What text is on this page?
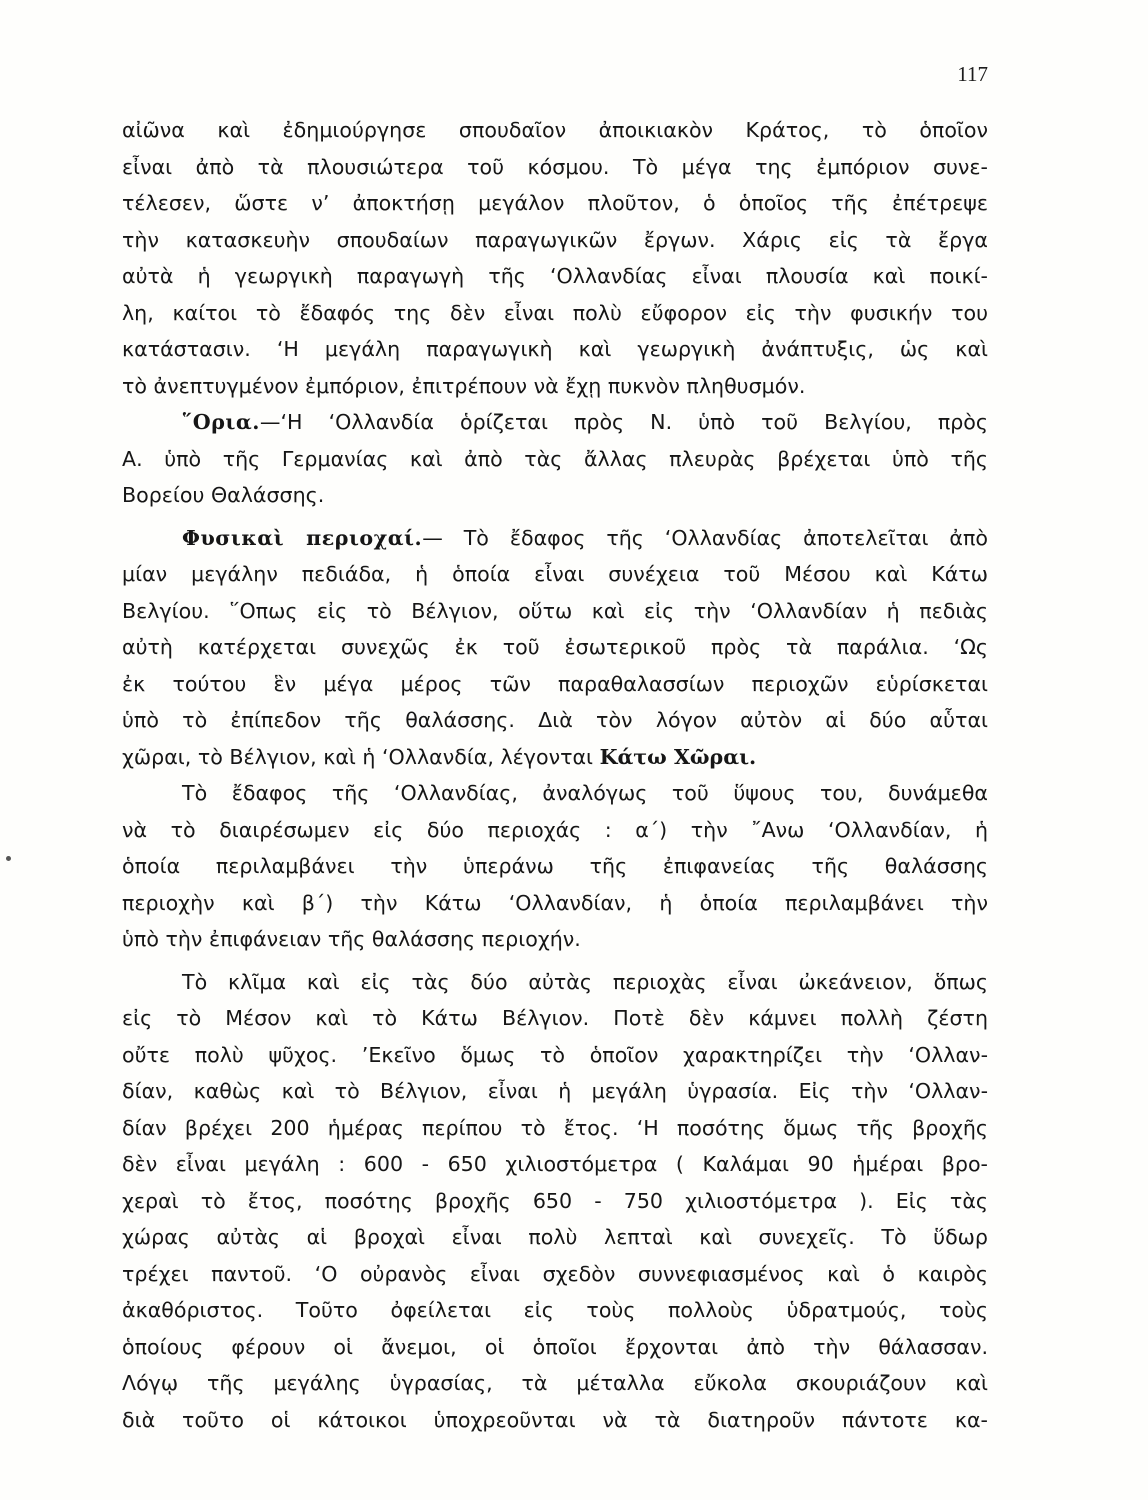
117

αἰῶνα καὶ ἐδημιούργησε σπουδαῖον ἀποικιακὸν Κράτος, τὸ ὁποῖον
εἶναι ἀπὸ τὰ πλουσιώτερα τοῦ κόσμου. Τὸ μέγα της ἐμπόριον συνε-
τέλεσεν, ὥστε ν’ ἀποκτήσῃ μεγάλον πλοῦτον, ὁ ὁποῖος τῆς ἐπέτρεψε
τὴν κατασκευὴν σπουδαίων παραγωγικῶν ἔργων. Χάρις εἰς τὰ ἔργα
αὐτὰ ἡ γεωργικὴ παραγωγὴ τῆς ‘Ολλανδίας εἶναι πλουσία καὶ ποικί-
λη, καίτοι τὸ ἔδαφός της δὲν εἶναι πολὺ εὔφορον εἰς τὴν φυσικήν του
κατάστασιν. ‘Η μεγάλη παραγωγικὴ καὶ γεωργικὴ ἀνάπτυξις, ὡς καὶ
τὸ ἀνεπτυγμένον ἐμπόριον, ἐπιτρέπουν νὰ ἔχῃ πυκνὸν πληθυσμόν.

῞Ορια.—‘Η ‘Ολλανδία ὁρίζεται πρὸς Ν. ὑπὸ τοῦ Βελγίου, πρὸς
Α. ὑπὸ τῆς Γερμανίας καὶ ἀπὸ τὰς ἄλλας πλευρὰς βρέχεται ὑπὸ τῆς
Βορείου Θαλάσσης.

Φυσικαὶ περιοχαί.— Τὸ ἔδαφος τῆς ‘Ολλανδίας ἀποτελεῖται ἀπὸ
μίαν μεγάλην πεδιάδα, ἡ ὁποία εἶναι συνέχεια τοῦ Μέσου καὶ Κάτω
Βελγίου. ῞Οπως εἰς τὸ Βέλγιον, οὕτω καὶ εἰς τὴν ‘Ολλανδίαν ἡ πεδιὰς
αὐτὴ κατέρχεται συνεχῶς ἐκ τοῦ ἐσωτερικοῦ πρὸς τὰ παράλια. ‘Ως
ἐκ τούτου ἓν μέγα μέρος τῶν παραθαλασσίων περιοχῶν εὑρίσκεται
ὑπὸ τὸ ἐπίπεδον τῆς θαλάσσης. Διὰ τὸν λόγον αὐτὸν αἱ δύο αὗται
χῶραι, τὸ Βέλγιον, καὶ ἡ ‘Ολλανδία, λέγονται Κάτω Χῶραι.

Τὸ ἔδαφος τῆς ‘Ολλανδίας, ἀναλόγως τοῦ ὕψους του, δυνάμεθα
νὰ τὸ διαιρέσωμεν εἰς δύο περιοχάς : α΄) τὴν ῎Ανω ‘Ολλανδίαν, ἡ
ὁποία περιλαμβάνει τὴν ὑπεράνω τῆς ἐπιφανείας τῆς θαλάσσης
περιοχὴν καὶ β΄) τὴν Κάτω ‘Ολλανδίαν, ἡ ὁποία περιλαμβάνει τὴν
ὑπὸ τὴν ἐπιφάνειαν τῆς θαλάσσης περιοχήν.

Τὸ κλῖμα καὶ εἰς τὰς δύο αὐτὰς περιοχὰς εἶναι ὠκεάνειον, ὅπως
εἰς τὸ Μέσον καὶ τὸ Κάτω Βέλγιον. Ποτὲ δὲν κάμνει πολλὴ ζέστη
οὔτε πολὺ ψῦχος. ’Εκεῖνο ὅμως τὸ ὁποῖον χαρακτηρίζει τὴν ‘Ολλαν-
δίαν, καθὼς καὶ τὸ Βέλγιον, εἶναι ἡ μεγάλη ὑγρασία. Εἰς τὴν ‘Ολλαν-
δίαν βρέχει 200 ἡμέρας περίπου τὸ ἔτος. ‘Η ποσότης ὅμως τῆς βροχῆς
δὲν εἶναι μεγάλη : 600 - 650 χιλιοστόμετρα ( Καλάμαι 90 ἡμέραι βρο-
χεραὶ τὸ ἔτος, ποσότης βροχῆς 650 - 750 χιλιοστόμετρα ). Εἰς τὰς
χώρας αὐτὰς αἱ βροχαὶ εἶναι πολὺ λεπταὶ καὶ συνεχεῖς. Τὸ ὕδωρ
τρέχει παντοῦ. ‘Ο οὐρανὸς εἶναι σχεδὸν συννεφιασμένος καὶ ὁ καιρὸς
ἀκαθόριστος. Τοῦτο ὀφείλεται εἰς τοὺς πολλοὺς ὑδρατμούς, τοὺς
ὁποίους φέρουν οἱ ἄνεμοι, οἱ ὁποῖοι ἔρχονται ἀπὸ τὴν θάλασσαν.
Λόγῳ τῆς μεγάλης ὑγρασίας, τὰ μέταλλα εὔκολα σκουριάζουν καὶ
διὰ τοῦτο οἱ κάτοικοι ὑποχρεοῦνται νὰ τὰ διατηροῦν πάντοτε κα-
